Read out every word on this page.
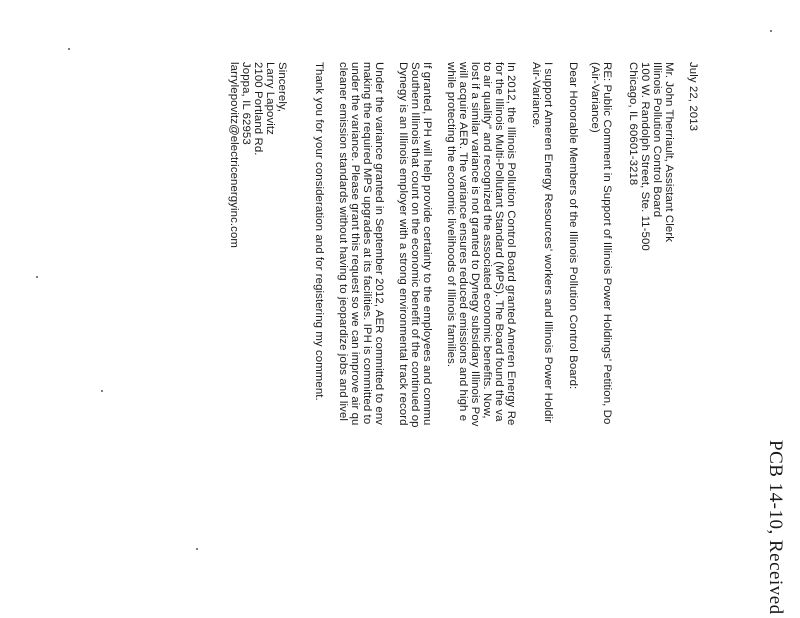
PCB 14-10, Received
July 22, 2013
Mr. John Therriault, Assistant Clerk
Illinois Pollution Control Board
100 W. Randolph Street, Ste. 11-500
Chicago, IL 60601-3218
RE: Public Comment in Support of Illinois Power Holdings' Petition, Do
(Air-Variance)
Dear Honorable Members of the Illinois Pollution Control Board:
I support Ameren Energy Resources' workers and Illinois Power Holdir
Air-Variance.
In 2012, the Illinois Pollution Control Board granted Ameren Energy Re
for the Illinois Multi-Pollutant Standard (MPS). The Board found the va
to air quality" and recognized the associated economic benefits. Now,
lost if a similar variance is not granted to Dynegy subsidiary Illinois Pov
will acquire AER. The variance ensures reduced emissions and high e
while protecting the economic livelihoods of Illinois families.
If granted, IPH will help provide certainty to the employees and commu
Southern Illinois that count on the economic benefit of the continued op
Dynegy is an Illinois employer with a strong environmental track record
Under the variance granted in September 2012, AER committed to env
making the required MPS upgrades at its facilities. IPH is committed to
under the variance. Please grant this request so we can improve air qu
cleaner emission standards without having to jeopardize jobs and livel
Thank you for your consideration and for registering my comment.
Sincerely,
Larry Lapovitz
2100 Portland Rd.
Joppa, IL 62953
larrylepovitz@electricenergyinc.com
